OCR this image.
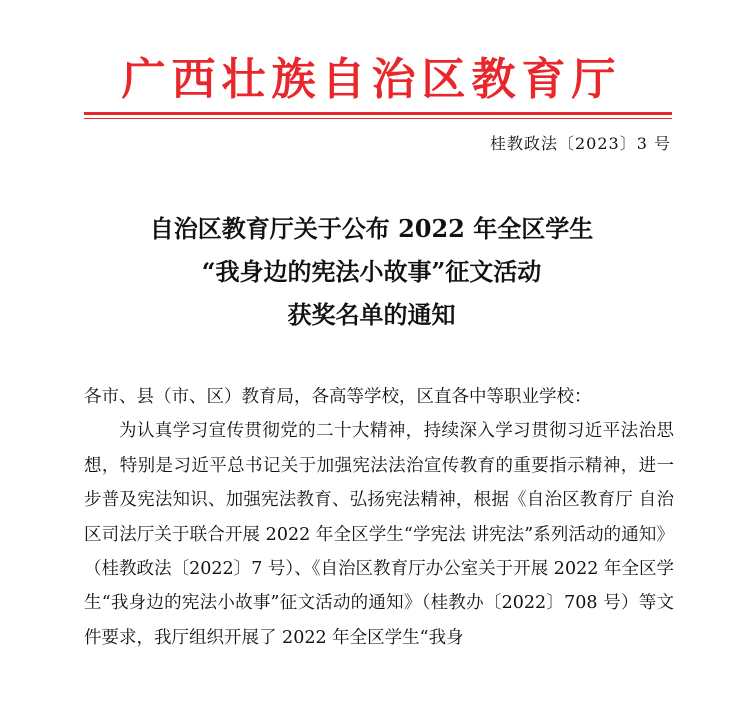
广西壮族自治区教育厅
桂教政法〔2023〕3 号
自治区教育厅关于公布 2022 年全区学生
“我身边的宪法小故事”征文活动
获奖名单的通知

各市、县（市、区）教育局，各高等学校，区直各中等职业学校：

为认真学习宣传贯彻党的二十大精神，持续深入学习贯彻习近平法治思想，特别是习近平总书记关于加强宪法法治宣传教育的重要指示精神，进一步普及宪法知识、加强宪法教育、弘扬宪法精神，根据《自治区教育厅 自治区司法厅关于联合开展 2022 年全区学生“学宪法 讲宪法”系列活动的通知》（桂教政法〔2022〕7 号）、《自治区教育厅办公室关于开展 2022 年全区学生“我身边的宪法小故事”征文活动的通知》（桂教办〔2022〕708 号）等文件要求，我厅组织开展了 2022 年全区学生“我身
